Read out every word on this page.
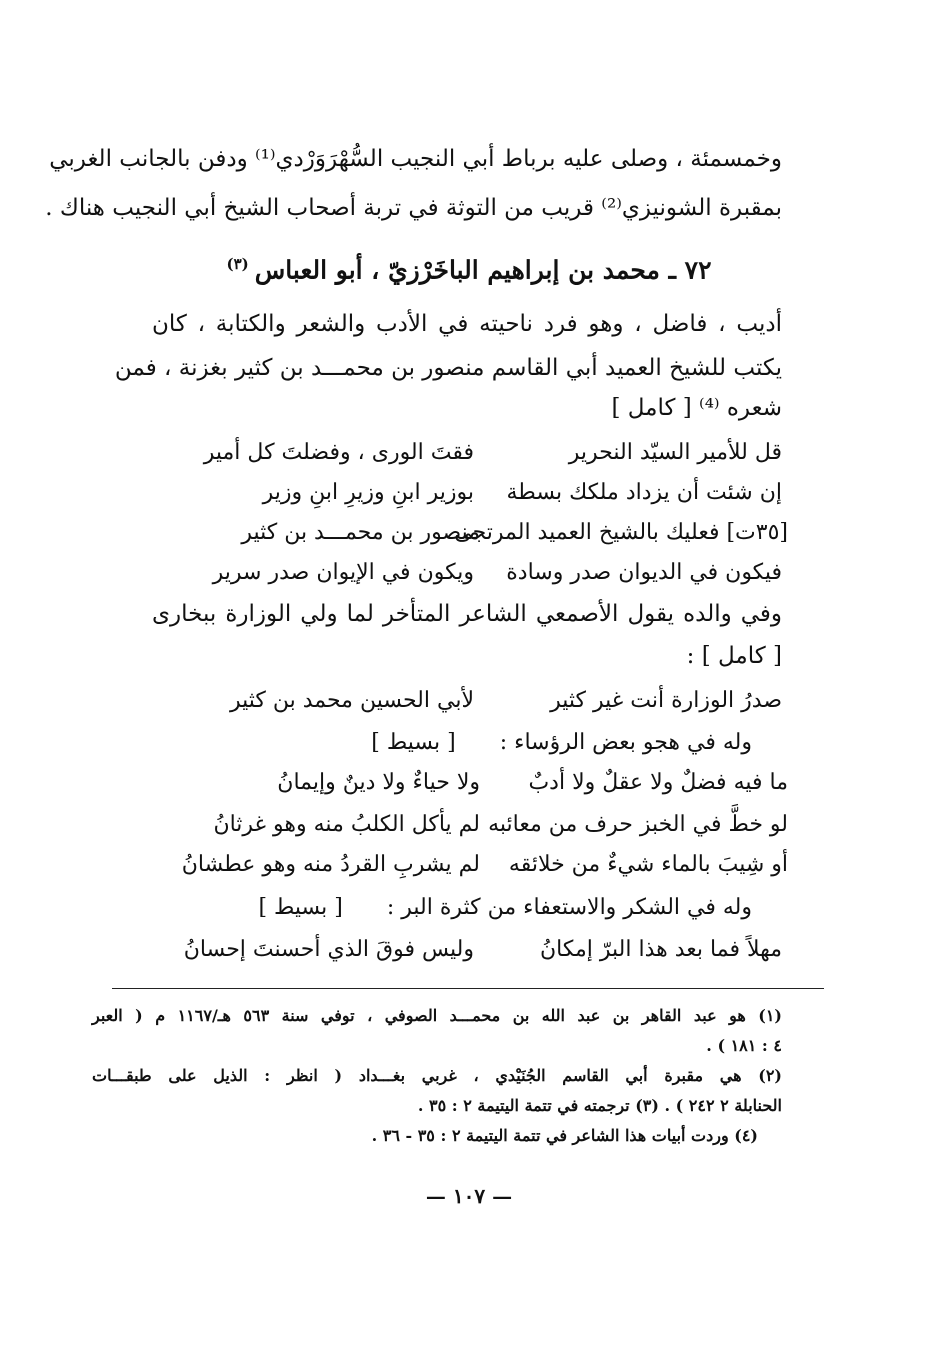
وخمسمئة ، وصلى عليه برباط أبي النجيب السُّهْرَوَرْدي⁽¹⁾ ودفن بالجانب الغربي
بمقبرة الشونيزي⁽²⁾ قريب من التوثة في تربة أصحاب الشيخ أبي النجيب هناك .
٧٢ ـ محمد بن إبراهيم الباخَرْزيّ ، أبو العباس$^{(٣)}$
أديب ، فاضل ، وهو فرد ناحيته في الأدب والشعر والكتابة ، كان
يكتب للشيخ العميد أبي القاسم منصور بن محمـــد بن كثير بغزنة ، فمن
شعره ⁽⁴⁾ [ كامل ]
قل للأمير السيّد النحرير
فقتَ الورى ، وفضلتَ كل أمير
إن شئت أن يزداد ملكك بسطة
بوزير ابنِ وزيرِ ابنِ وزير
[٣٥ت] فعليك بالشيخ العميد المرتجى
منصور بن محمـــد بن كثير
فيكون في الديوان صدر وسادة
ويكون في الإيوان صدر سرير
وفي والده يقول الأصمعي الشاعر المتأخر لما ولي الوزارة ببخارى
[ كامل ] :
صدرُ الوزارة أنت غير كثير
لأبي الحسين محمد بن كثير
وله في هجو بعض الرؤساء :  [ بسيط ]
ما فيه فضلٌ ولا عقلٌ ولا أدبٌ
ولا حياءٌ ولا دينٌ وإيمانُ
لو خطَّ في الخبز حرف من معائبه
لم يأكل الكلبُ منه وهو غرثانُ
أو شِيبَ بالماء شيءٌ من خلائقه
لم يشربِ القردُ منه وهو عطشانُ
وله في الشكر والاستعفاء من كثرة البر :  [ بسيط ]
مهلاً فما بعد هذا البرّ إمكانُ
وليس فوقَ الذي أحسنتَ إحسانُ
(١) هو عبد القاهر بن عبد الله بن محمـــد الصوفي ، توفي سنة ٥٦٣ هـ/١١٦٧ م ( العبر
٤ : ١٨١ ) .
(٢) هي مقبرة أبي القاسم الجُنَيْدي ، غربي بغـــداد ( انظر : الذيل على طبقـــات
الحنابلة ٢ ٢٤٢ ) . (٣) ترجمته في تتمة اليتيمة ٢ : ٣٥ .
(٤) وردت أبيات هذا الشاعر في تتمة اليتيمة ٢ : ٣٥ - ٣٦ .
— ١٠٧ —
